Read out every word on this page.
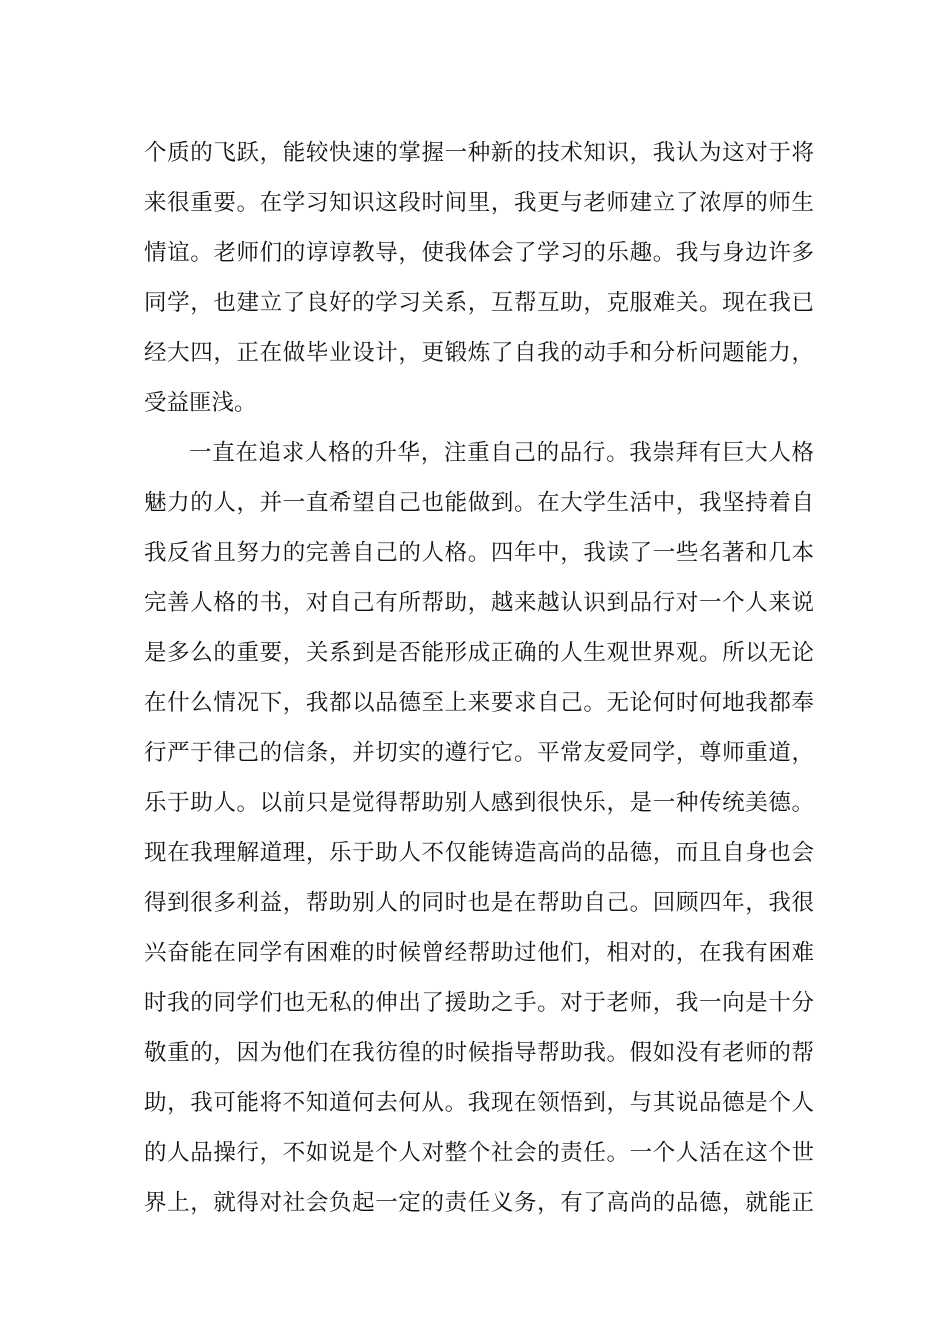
个质的飞跃，能较快速的掌握一种新的技术知识，我认为这对于将
来很重要。在学习知识这段时间里，我更与老师建立了浓厚的师生
情谊。老师们的谆谆教导，使我体会了学习的乐趣。我与身边许多
同学，也建立了良好的学习关系，互帮互助，克服难关。现在我已
经大四，正在做毕业设计，更锻炼了自我的动手和分析问题能力，
受益匪浅。
一直在追求人格的升华，注重自己的品行。我崇拜有巨大人格
魅力的人，并一直希望自己也能做到。在大学生活中，我坚持着自
我反省且努力的完善自己的人格。四年中，我读了一些名著和几本
完善人格的书，对自己有所帮助，越来越认识到品行对一个人来说
是多么的重要，关系到是否能形成正确的人生观世界观。所以无论
在什么情况下，我都以品德至上来要求自己。无论何时何地我都奉
行严于律己的信条，并切实的遵行它。平常友爱同学，尊师重道，
乐于助人。以前只是觉得帮助别人感到很快乐，是一种传统美德。
现在我理解道理，乐于助人不仅能铸造高尚的品德，而且自身也会
得到很多利益，帮助别人的同时也是在帮助自己。回顾四年，我很
兴奋能在同学有困难的时候曾经帮助过他们，相对的，在我有困难
时我的同学们也无私的伸出了援助之手。对于老师，我一向是十分
敬重的，因为他们在我彷徨的时候指导帮助我。假如没有老师的帮
助，我可能将不知道何去何从。我现在领悟到，与其说品德是个人
的人品操行，不如说是个人对整个社会的责任。一个人活在这个世
界上，就得对社会负起一定的责任义务，有了高尚的品德，就能正
